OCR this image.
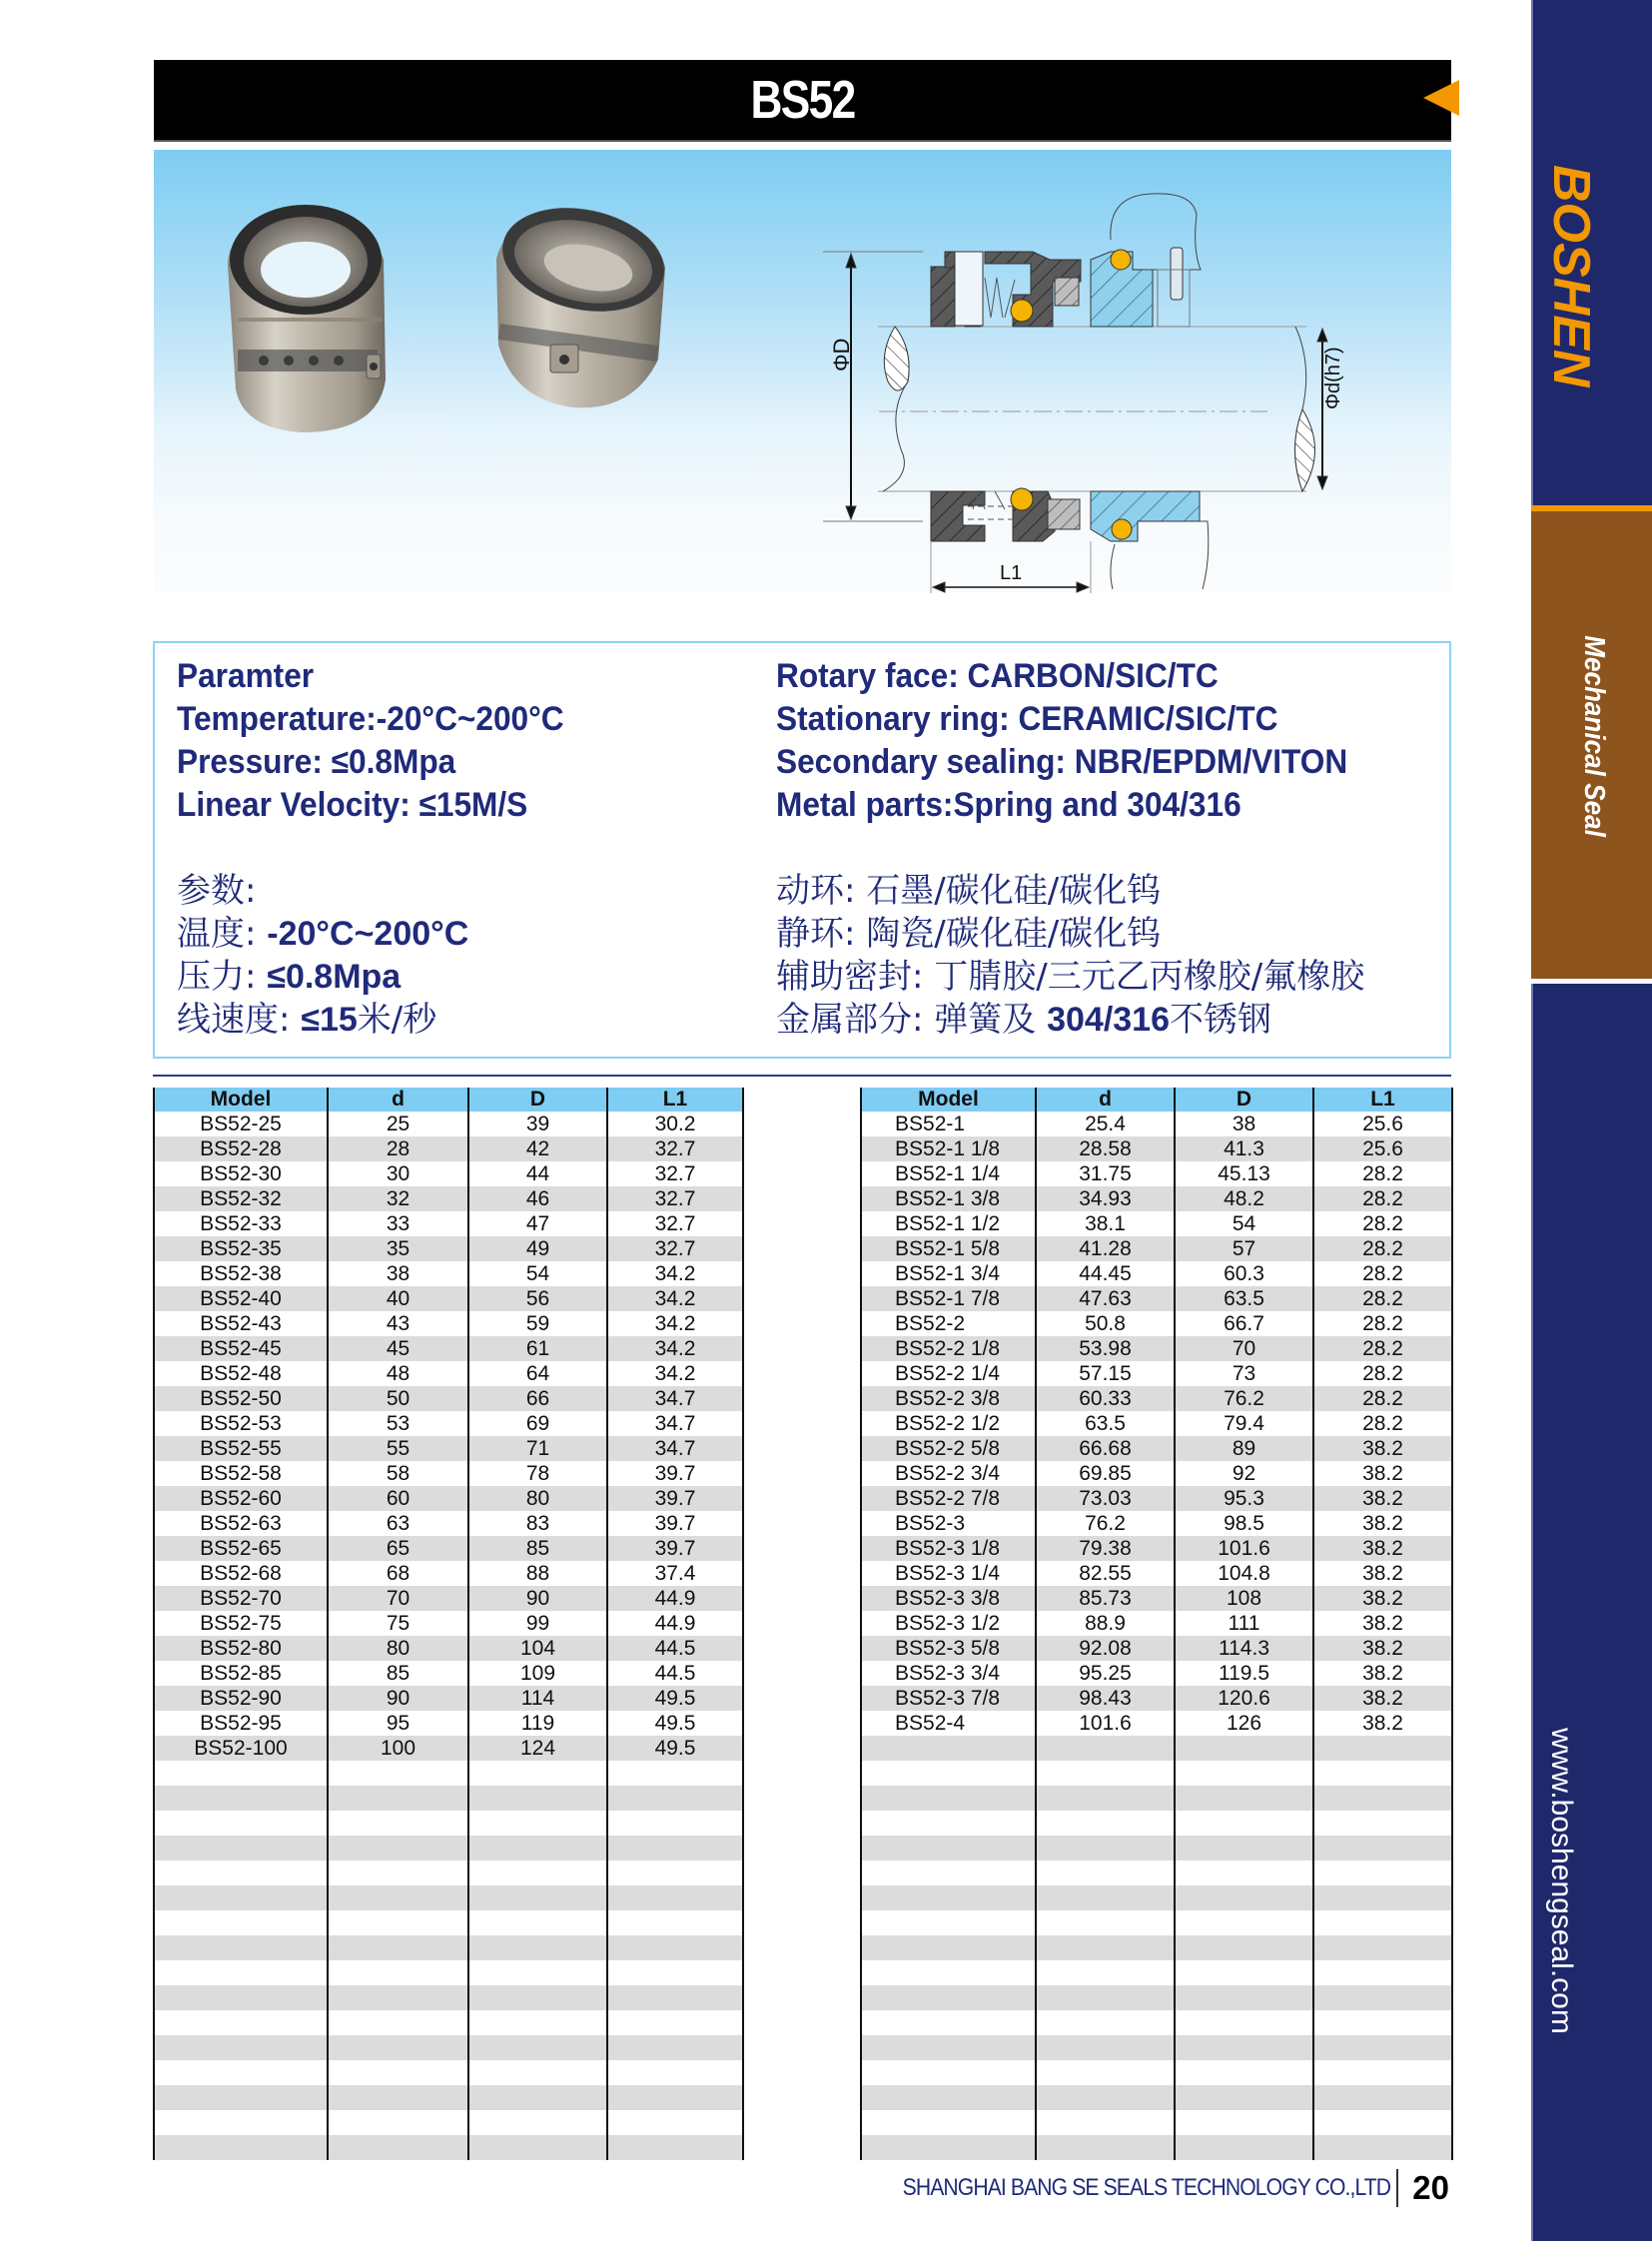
BS52
ΦD	Φd(h7)
L1
Paramter
Temperature:-20°C~200°C
Pressure: ≤0.8Mpa
Linear Velocity: ≤15M/S
参数:
温度: -20°C~200°C
压力: ≤0.8Mpa
线速度: ≤15米/秒
Rotary face: CARBON/SIC/TC
Stationary ring: CERAMIC/SIC/TC
Secondary sealing: NBR/EPDM/VITON
Metal parts:Spring and 304/316
动环: 石墨/碳化硅/碳化钨
静环: 陶瓷/碳化硅/碳化钨
辅助密封: 丁腈胶/三元乙丙橡胶/氟橡胶
金属部分: 弹簧及 304/316不锈钢
Model	d	D	L1
BS52-25	25	39	30.2
BS52-28	28	42	32.7
BS52-30	30	44	32.7
BS52-32	32	46	32.7
BS52-33	33	47	32.7
BS52-35	35	49	32.7
BS52-38	38	54	34.2
BS52-40	40	56	34.2
BS52-43	43	59	34.2
BS52-45	45	61	34.2
BS52-48	48	64	34.2
BS52-50	50	66	34.7
BS52-53	53	69	34.7
BS52-55	55	71	34.7
BS52-58	58	78	39.7
BS52-60	60	80	39.7
BS52-63	63	83	39.7
BS52-65	65	85	39.7
BS52-68	68	88	37.4
BS52-70	70	90	44.9
BS52-75	75	99	44.9
BS52-80	80	104	44.5
BS52-85	85	109	44.5
BS52-90	90	114	49.5
BS52-95	95	119	49.5
BS52-100	100	124	49.5

Model	d	D	L1
BS52-1	25.4	38	25.6
BS52-1 1/8	28.58	41.3	25.6
BS52-1 1/4	31.75	45.13	28.2
BS52-1 3/8	34.93	48.2	28.2
BS52-1 1/2	38.1	54	28.2
BS52-1 5/8	41.28	57	28.2
BS52-1 3/4	44.45	60.3	28.2
BS52-1 7/8	47.63	63.5	28.2
BS52-2	50.8	66.7	28.2
BS52-2 1/8	53.98	70	28.2
BS52-2 1/4	57.15	73	28.2
BS52-2 3/8	60.33	76.2	28.2
BS52-2 1/2	63.5	79.4	28.2
BS52-2 5/8	66.68	89	38.2
BS52-2 3/4	69.85	92	38.2
BS52-2 7/8	73.03	95.3	38.2
BS52-3	76.2	98.5	38.2
BS52-3 1/8	79.38	101.6	38.2
BS52-3 1/4	82.55	104.8	38.2
BS52-3 3/8	85.73	108	38.2
BS52-3 1/2	88.9	111	38.2
BS52-3 5/8	92.08	114.3	38.2
BS52-3 3/4	95.25	119.5	38.2
BS52-3 7/8	98.43	120.6	38.2
BS52-4	101.6	126	38.2

SHANGHAI BANG SE SEALS TECHNOLOGY CO.,LTD 20
BOSHEN
Mechanical Seal
www.boshengseal.com
